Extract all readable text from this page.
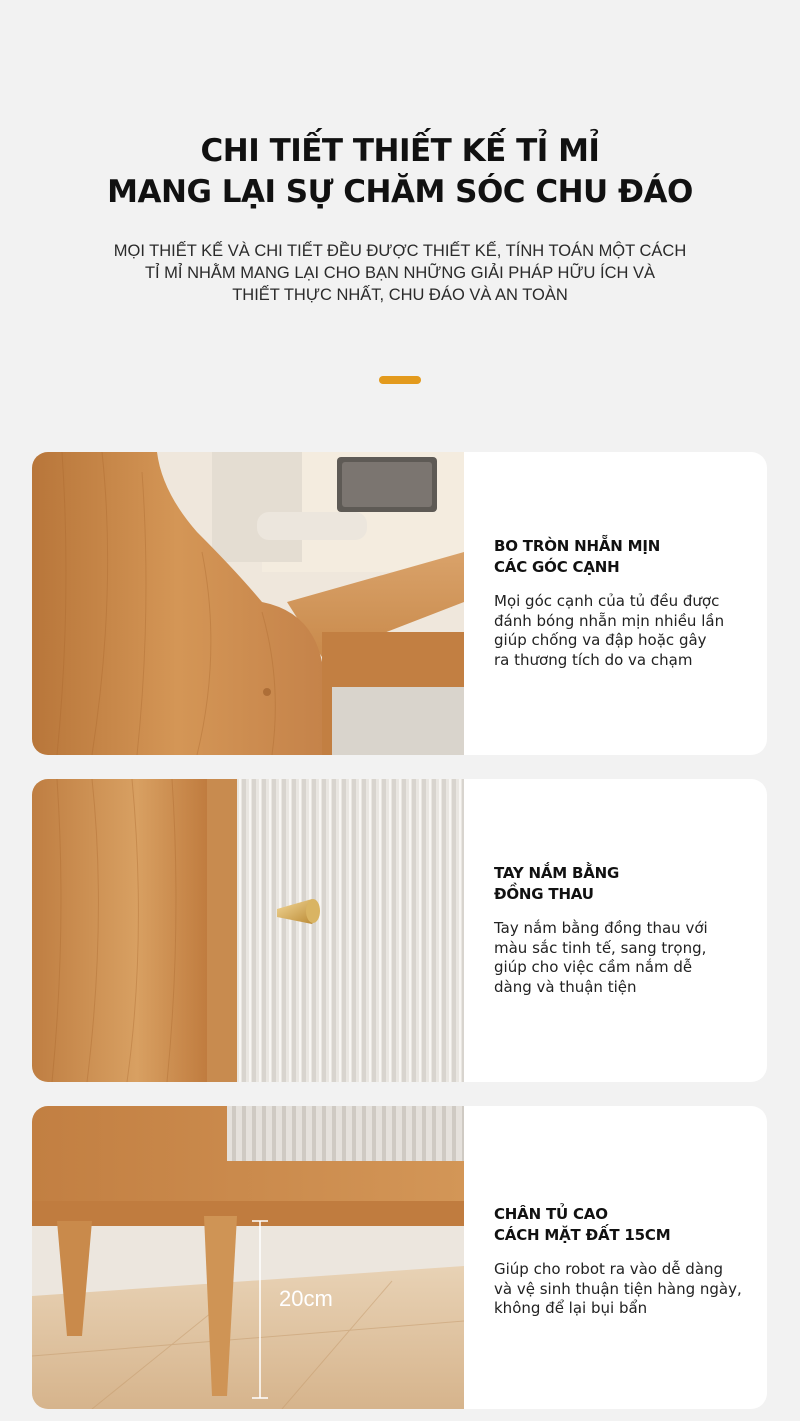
CHI TIẾT THIẾT KẾ TỈ MỈ
MANG LẠI SỰ CHĂM SÓC CHU ĐÁO
MỌI THIẾT KẾ VÀ CHI TIẾT ĐỀU ĐƯỢC THIẾT KẾ, TÍNH TOÁN MỘT CÁCH
TỈ MỈ NHẰM MANG LẠI CHO BẠN NHỮNG GIẢI PHÁP HỮU ÍCH VÀ
THIẾT THỰC NHẤT, CHU ĐÁO VÀ AN TOÀN
BO TRÒN NHẴN MỊN
CÁC GÓC CẠNH
Mọi góc cạnh của tủ đều được
đánh bóng nhẵn mịn nhiều lần
giúp chống va đập hoặc gây
ra thương tích do va chạm
TAY NẮM BẰNG
ĐỒNG THAU
Tay nắm bằng đồng thau với
màu sắc tinh tế, sang trọng,
giúp cho việc cầm nắm dễ
dàng và thuận tiện
20cm
CHÂN TỦ CAO
CÁCH MẶT ĐẤT 15CM
Giúp cho robot ra vào dễ dàng
và vệ sinh thuận tiện hàng ngày,
không để lại bụi bẩn
